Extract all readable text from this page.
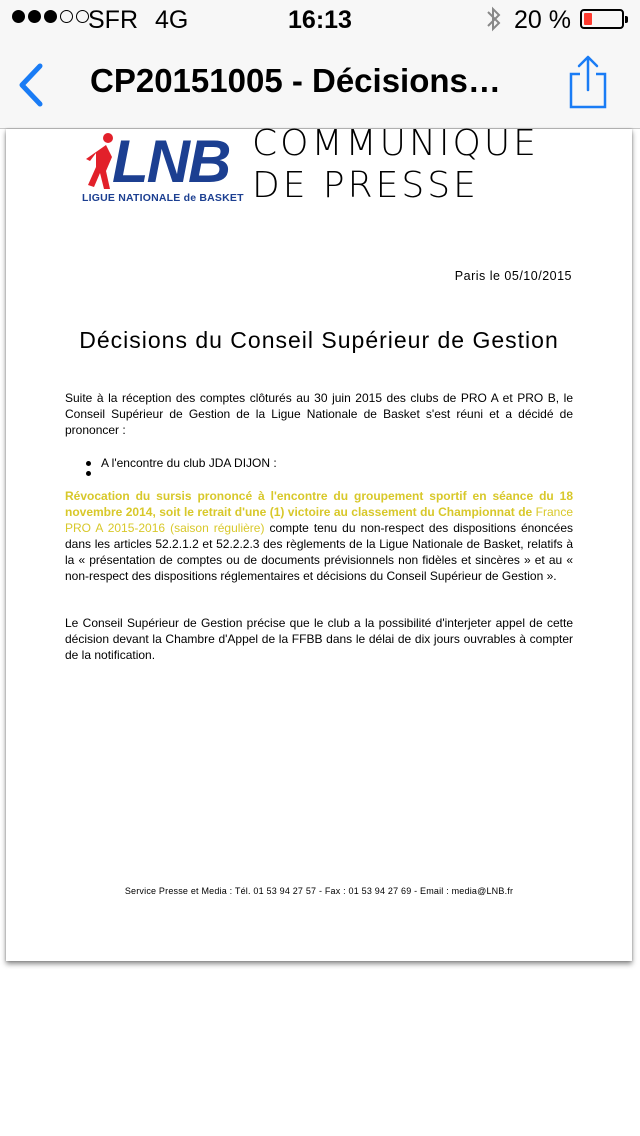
SFR 4G	16:13	20 %
CP20151005 - Décisions…
LNB
LIGUE NATIONALE de BASKET
COMMUNIQUE
DE PRESSE
Paris le 05/10/2015
Décisions du Conseil Supérieur de Gestion
Suite à la réception des comptes clôturés au 30 juin 2015 des clubs de PRO A et PRO B, le Conseil Supérieur de Gestion de la Ligue Nationale de Basket s'est réuni et a décidé de prononcer :
A l'encontre du club JDA DIJON :
Révocation du sursis prononcé à l'encontre du groupement sportif en séance du 18 novembre 2014, soit le retrait d'une (1) victoire au classement du Championnat de France PRO A 2015-2016 (saison régulière) compte tenu du non-respect des dispositions énoncées dans les articles 52.2.1.2 et 52.2.2.3 des règlements de la Ligue Nationale de Basket, relatifs à la « présentation de comptes ou de documents prévisionnels non fidèles et sincères » et au « non-respect des dispositions réglementaires et décisions du Conseil Supérieur de Gestion ».
Le Conseil Supérieur de Gestion précise que le club a la possibilité d'interjeter appel de cette décision devant la Chambre d'Appel de la FFBB dans le délai de dix jours ouvrables à compter de la notification.
Service Presse et Media : Tél. 01 53 94 27 57 - Fax : 01 53 94 27 69 - Email : media@LNB.fr
